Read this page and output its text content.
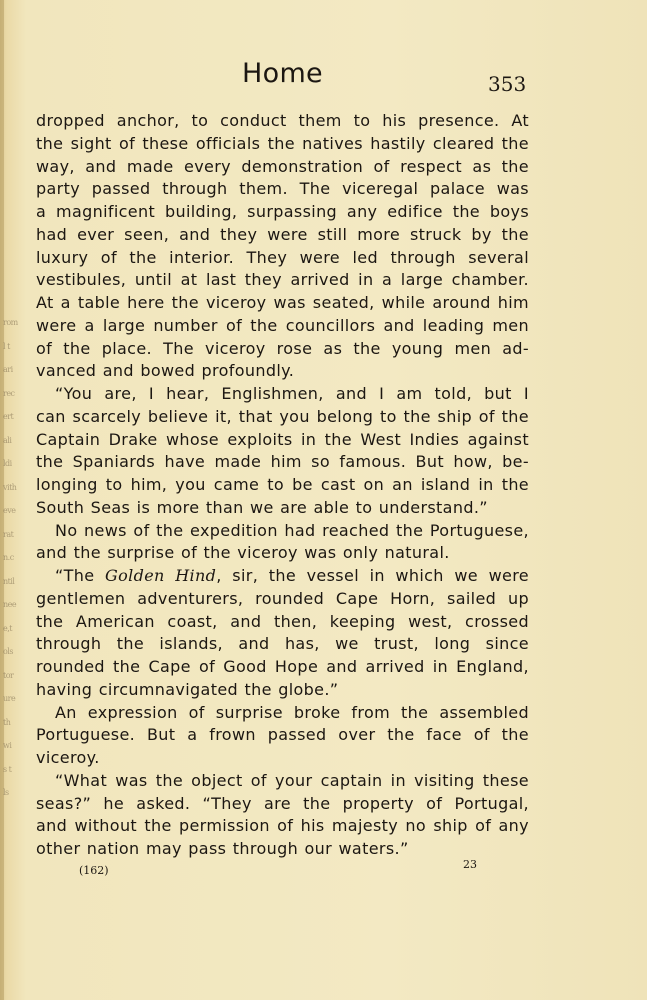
rom
l t
ari
rec
ert
ali
ldi
vith
eve
rat
n.c
ntil
nee
e,t
ols
tor
ure
th
wi
s t
ls
Home	353
dropped anchor, to conduct them to his presence. At
the sight of these officials the natives hastily cleared the
way, and made every demonstration of respect as the
party passed through them. The viceregal palace was
a magnificent building, surpassing any edifice the boys
had ever seen, and they were still more struck by the
luxury of the interior. They were led through several
vestibules, until at last they arrived in a large chamber.
At a table here the viceroy was seated, while around him
were a large number of the councillors and leading men
of the place. The viceroy rose as the young men ad-
vanced and bowed profoundly.
“You are, I hear, Englishmen, and I am told, but I
can scarcely believe it, that you belong to the ship of the
Captain Drake whose exploits in the West Indies against
the Spaniards have made him so famous. But how, be-
longing to him, you came to be cast on an island in the
South Seas is more than we are able to understand.”
No news of the expedition had reached the Portuguese,
and the surprise of the viceroy was only natural.
“The Golden Hind, sir, the vessel in which we were
gentlemen adventurers, rounded Cape Horn, sailed up
the American coast, and then, keeping west, crossed
through the islands, and has, we trust, long since
rounded the Cape of Good Hope and arrived in England,
having circumnavigated the globe.”
An expression of surprise broke from the assembled
Portuguese. But a frown passed over the face of the
viceroy.
“What was the object of your captain in visiting these
seas?” he asked. “They are the property of Portugal,
and without the permission of his majesty no ship of any
other nation may pass through our waters.”
(162)	23
